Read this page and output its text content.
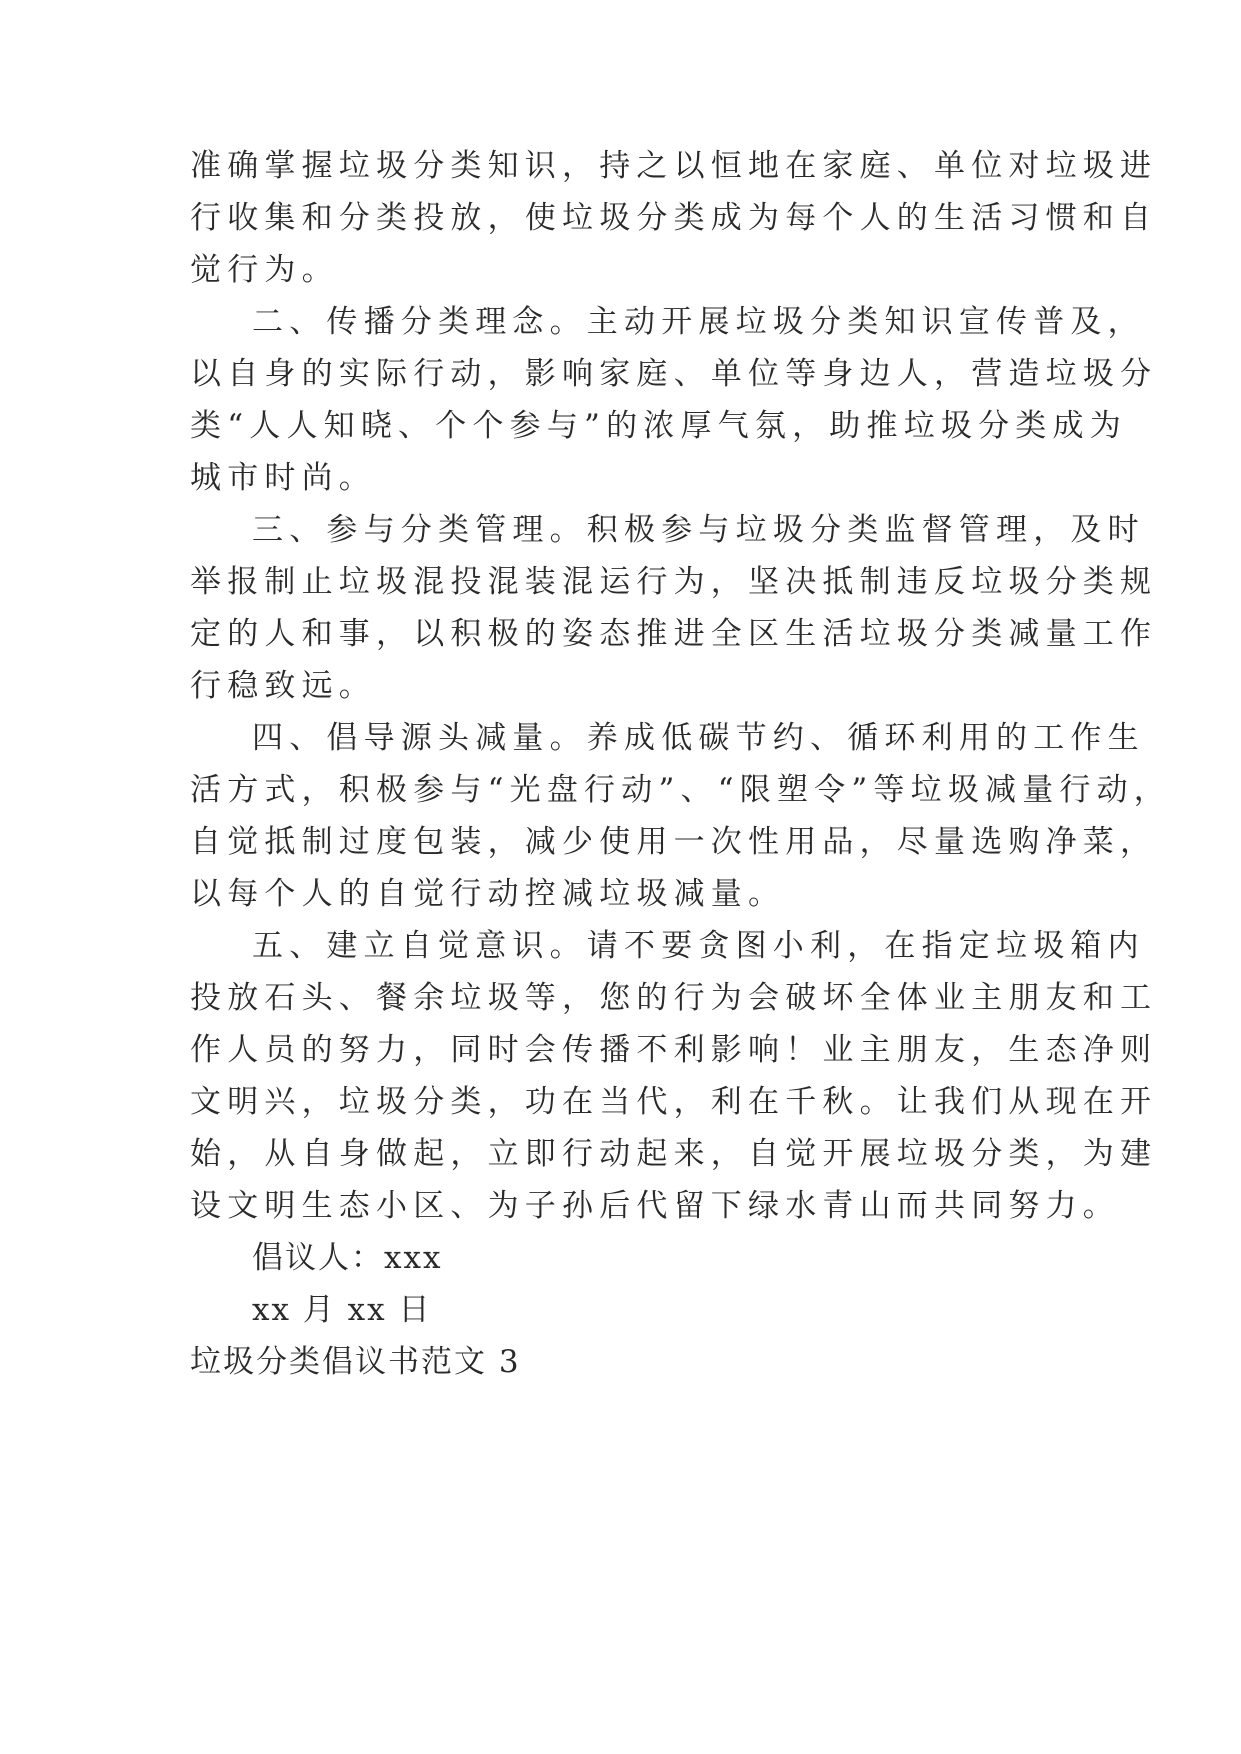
准确掌握垃圾分类知识，持之以恒地在家庭、单位对垃圾进
行收集和分类投放，使垃圾分类成为每个人的生活习惯和自
觉行为。
二、传播分类理念。主动开展垃圾分类知识宣传普及，
以自身的实际行动，影响家庭、单位等身边人，营造垃圾分
类“人人知晓、个个参与”的浓厚气氛，助推垃圾分类成为
城市时尚。
三、参与分类管理。积极参与垃圾分类监督管理，及时
举报制止垃圾混投混装混运行为，坚决抵制违反垃圾分类规
定的人和事，以积极的姿态推进全区生活垃圾分类减量工作
行稳致远。
四、倡导源头减量。养成低碳节约、循环利用的工作生
活方式，积极参与“光盘行动”、“限塑令”等垃圾减量行动，
自觉抵制过度包装，减少使用一次性用品，尽量选购净菜，
以每个人的自觉行动控减垃圾减量。
五、建立自觉意识。请不要贪图小利，在指定垃圾箱内
投放石头、餐余垃圾等，您的行为会破坏全体业主朋友和工
作人员的努力，同时会传播不利影响！业主朋友，生态净则
文明兴，垃圾分类，功在当代，利在千秋。让我们从现在开
始，从自身做起，立即行动起来，自觉开展垃圾分类，为建
设文明生态小区、为子孙后代留下绿水青山而共同努力。
倡议人：xxx
xx 月 xx 日
垃圾分类倡议书范文 3
